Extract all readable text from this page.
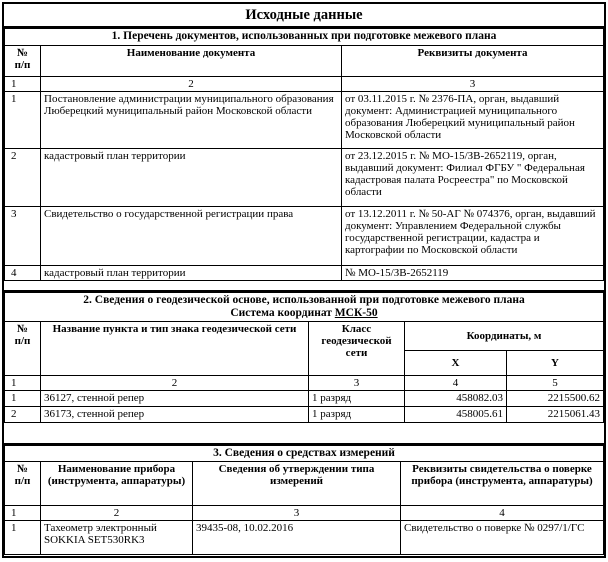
Исходные данные
1. Перечень документов, использованных при подготовке межевого плана		
№
п/п	Наименование документа	Реквизиты документа
1	2	3
1	Постановление администрации муниципального образования Люберецкий муниципальный район Московской области	от 03.11.2015 г. № 2376-ПА, орган, выдавший документ: Администрацией муниципального образования Люберецкий муниципальный район Московской области
2	кадастровый план территории	от 23.12.2015 г. № МО-15/ЗВ-2652119, орган, выдавший документ: Филиал ФГБУ " Федеральная кадастровая палата Росреестра" по Московской области
3	Свидетельство о государственной регистрации права	от 13.12.2011 г. № 50-АГ № 074376, орган, выдавший документ: Управлением Федеральной службы государственной регистрации, кадастра и картографии по Московской области
4	кадастровый план территории	№ МО-15/ЗВ-2652119
2. Сведения о геодезической основе, использованной при подготовке межевого плана
Система координат МСК-50				

№
п/п	Название пункта и тип знака геодезической сети	Класс геодезической сети	Координаты, м	
			X	Y
1	2	3	4	5
1	36127, стенной репер	1 разряд	458082.03	2215500.62
2	36173, стенной репер	1 разряд	458005.61	2215061.43
3. Сведения о средствах измерений			
№
п/п	Наименование прибора (инструмента, аппаратуры)	Сведения об утверждении типа измерений	Реквизиты свидетельства о поверке прибора (инструмента, аппаратуры)
1	2	3	4
1	Тахеометр электронный SOKKIA SET530RK3	39435-08, 10.02.2016	Свидетельство о поверке № 0297/1/ГС
